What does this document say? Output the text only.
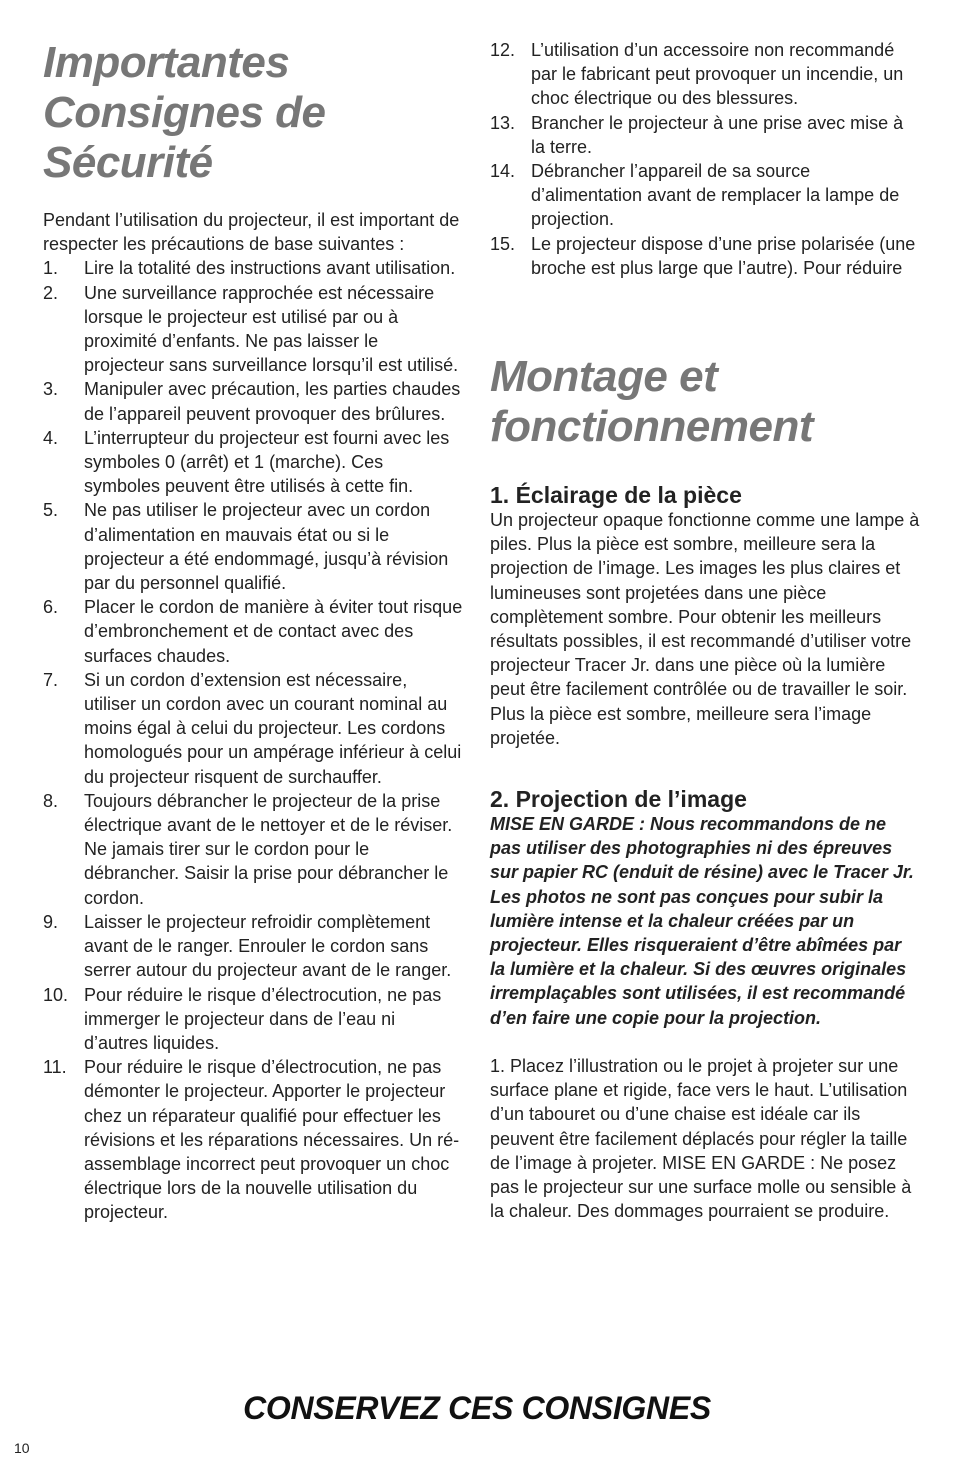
Importantes
Consignes de
Sécurité

Pendant l’utilisation du projecteur, il est important de respecter les précautions de base suivantes :

1.	Lire la totalité des instructions avant utilisation.
2.	Une surveillance rapprochée est nécessaire lorsque le projecteur est utilisé par ou à proximité d’enfants. Ne pas laisser le projecteur sans surveillance lorsqu’il est utilisé.
3.	Manipuler avec précaution, les parties chaudes de l’appareil peuvent provoquer des brûlures.
4.	L’interrupteur du projecteur est fourni avec les symboles 0 (arrêt) et 1 (marche). Ces symboles peuvent être utilisés à cette fin.
5.	Ne pas utiliser le projecteur avec un cordon d’alimentation en mauvais état ou si le projecteur a été endommagé, jusqu’à révision par du personnel qualifié.
6.	Placer le cordon de manière à éviter tout risque d’embronchement et de contact avec des surfaces chaudes.
7.	Si un cordon d’extension est nécessaire, utiliser un cordon avec un courant nominal au moins égal à celui du projecteur. Les cordons homologués pour un ampérage inférieur à celui du projecteur risquent de surchauffer.
8.	Toujours débrancher le projecteur de la prise électrique avant de le nettoyer et de le réviser. Ne jamais tirer sur le cordon pour le débrancher. Saisir la prise pour débrancher le cordon.
9.	Laisser le projecteur refroidir complètement avant de le ranger. Enrouler le cordon sans serrer autour du projecteur avant de le ranger.
10. Pour réduire le risque d’électrocution, ne pas immerger le projecteur dans de l’eau ni d’autres liquides.
11. Pour réduire le risque d’électrocution, ne pas démonter le projecteur. Apporter le projecteur chez un réparateur qualifié pour effectuer les révisions et les réparations nécessaires. Un ré-assemblage incorrect peut provoquer un choc électrique lors de la nouvelle utilisation du projecteur.
12. L’utilisation d’un accessoire non recommandé par le fabricant peut provoquer un incendie, un choc électrique ou des blessures.
13. Brancher le projecteur à une prise avec mise à la terre.
14. Débrancher l’appareil de sa source d’alimentation avant de remplacer la lampe de projection.
15. Le projecteur dispose d’une prise polarisée (une broche est plus large que l’autre). Pour réduire
Montage et
fonctionnement
1. Éclairage de la pièce

Un projecteur opaque fonctionne comme une lampe à piles. Plus la pièce est sombre, meilleure sera la projection de l’image. Les images les plus claires et lumineuses sont projetées dans une pièce complètement sombre. Pour obtenir les meilleurs résultats possibles, il est recommandé d’utiliser votre projecteur Tracer Jr. dans une pièce où la lumière peut être facilement contrôlée ou de travailler le soir. Plus la pièce est sombre, meilleure sera l’image projetée.

2. Projection de l’image

MISE EN GARDE : Nous recommandons de ne pas utiliser des photographies ni des épreuves sur papier RC (enduit de résine) avec le Tracer Jr. Les photos ne sont pas conçues pour subir la lumière intense et la chaleur créées par un projecteur. Elles risqueraient d’être abîmées par la lumière et la chaleur. Si des œuvres originales irremplaçables sont utilisées, il est recommandé d’en faire une copie pour la projection.

1. Placez l’illustration ou le projet à projeter sur une surface plane et rigide, face vers le haut. L’utilisation d’un tabouret ou d’une chaise est idéale car ils peuvent être facilement déplacés pour régler la taille de l’image à projeter. MISE EN GARDE : Ne posez pas le projecteur sur une surface molle ou sensible à la chaleur. Des dommages pourraient se produire.

CONSERVEZ CES CONSIGNES
10
